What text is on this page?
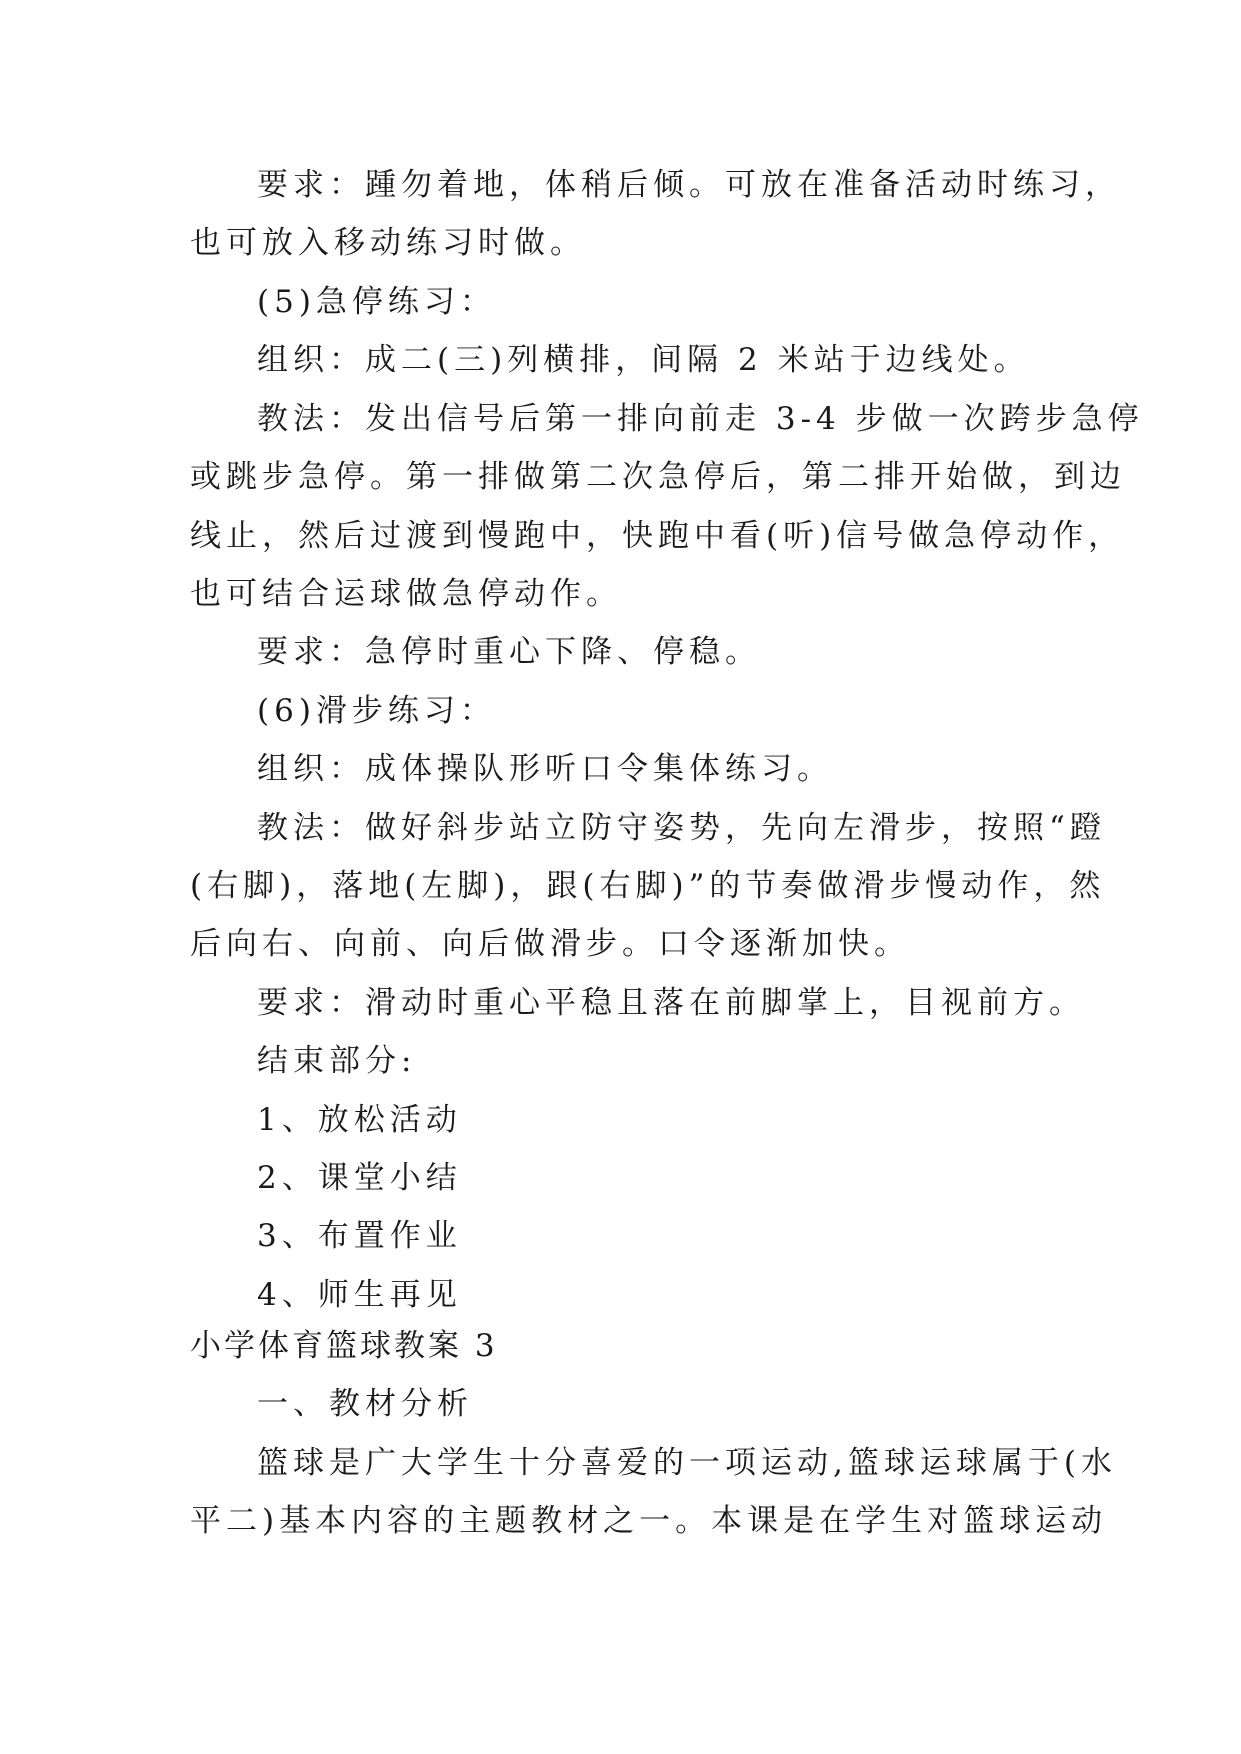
要求：踵勿着地，体稍后倾。可放在准备活动时练习，
也可放入移动练习时做。
(5)急停练习：
组织：成二(三)列横排，间隔 2 米站于边线处。
教法：发出信号后第一排向前走 3-4 步做一次跨步急停
或跳步急停。第一排做第二次急停后，第二排开始做，到边
线止，然后过渡到慢跑中，快跑中看(听)信号做急停动作，
也可结合运球做急停动作。
要求：急停时重心下降、停稳。
(6)滑步练习：
组织：成体操队形听口令集体练习。
教法：做好斜步站立防守姿势，先向左滑步，按照“蹬
(右脚)，落地(左脚)，跟(右脚)”的节奏做滑步慢动作，然
后向右、向前、向后做滑步。口令逐渐加快。
要求：滑动时重心平稳且落在前脚掌上，目视前方。
结束部分:
1、放松活动
2、课堂小结
3、布置作业
4、师生再见
小学体育篮球教案 3
一、教材分析
篮球是广大学生十分喜爱的一项运动,篮球运球属于(水
平二)基本内容的主题教材之一。本课是在学生对篮球运动
